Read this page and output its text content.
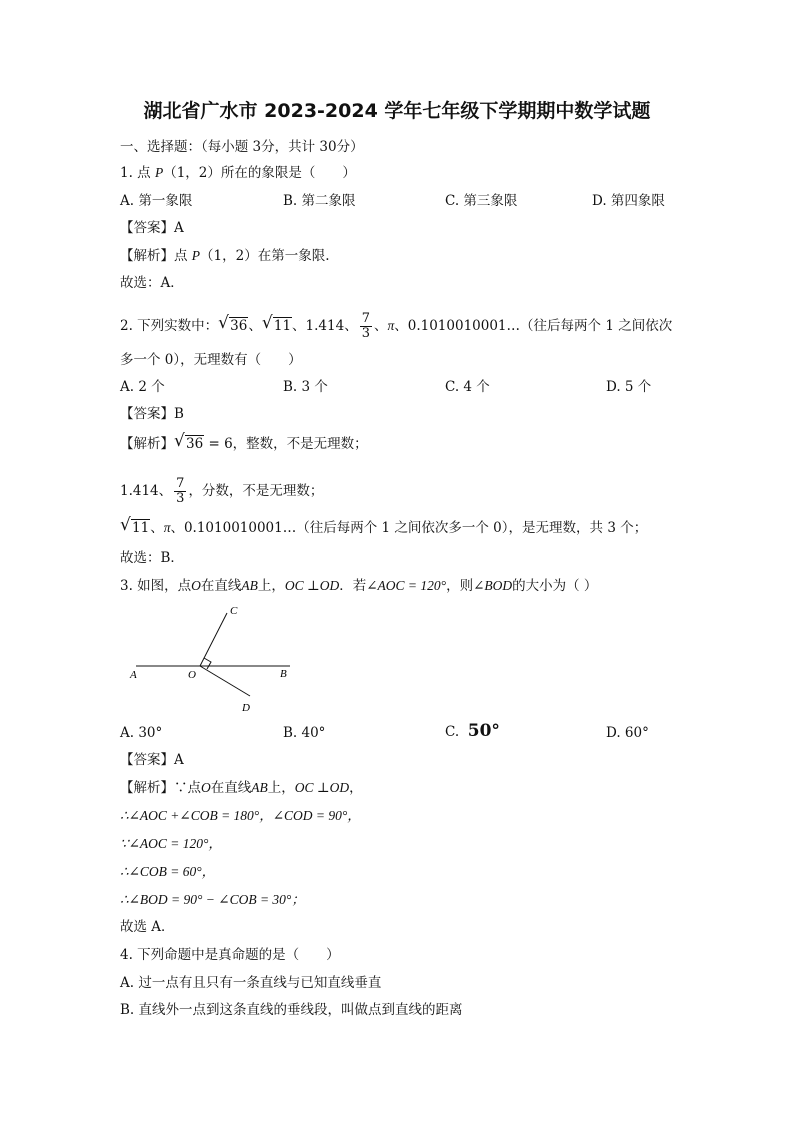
湖北省广水市 2023-2024 学年七年级下学期期中数学试题
一、选择题：（每小题 3分，共计 30分）
1. 点 P（1，2）所在的象限是（　　）
A. 第一象限	B. 第二象限	C. 第三象限	D. 第四象限
【答案】A
【解析】点 P（1，2）在第一象限.
故选：A．
2. 下列实数中： √ 36、 √ 11、1.414、 $\frac{7}{3}$ 、π、0.1010010001…（往后每两个 1 之间依次
多一个 0），无理数有（　　）
A. 2 个	B. 3 个	C. 4 个	D. 5 个
【答案】B
【解析】 √ 36 = 6，整数，不是无理数；
1.414、 $\frac{7}{3}$ ，分数，不是无理数；
√ 11、π、0.1010010001…（往后每两个 1 之间依次多一个 0），是无理数，共 3 个；
故选：B．
3. 如图，点O在直线AB上，OC ⊥OD．若∠AOC = 120°，则∠BOD的大小为（ ）
A	O	B
C
D
A. 30°	B. 40°	C. 50°	D. 60°
【答案】A
【解析】∵点O在直线AB上，OC ⊥OD，
∴∠AOC +∠COB = 180°，∠COD = 90°，
∵∠AOC = 120°，
∴∠COB = 60°，
∴∠BOD = 90° − ∠COB = 30°；
故选 A．
4. 下列命题中是真命题的是（　　）
A. 过一点有且只有一条直线与已知直线垂直
B. 直线外一点到这条直线的垂线段，叫做点到直线的距离
